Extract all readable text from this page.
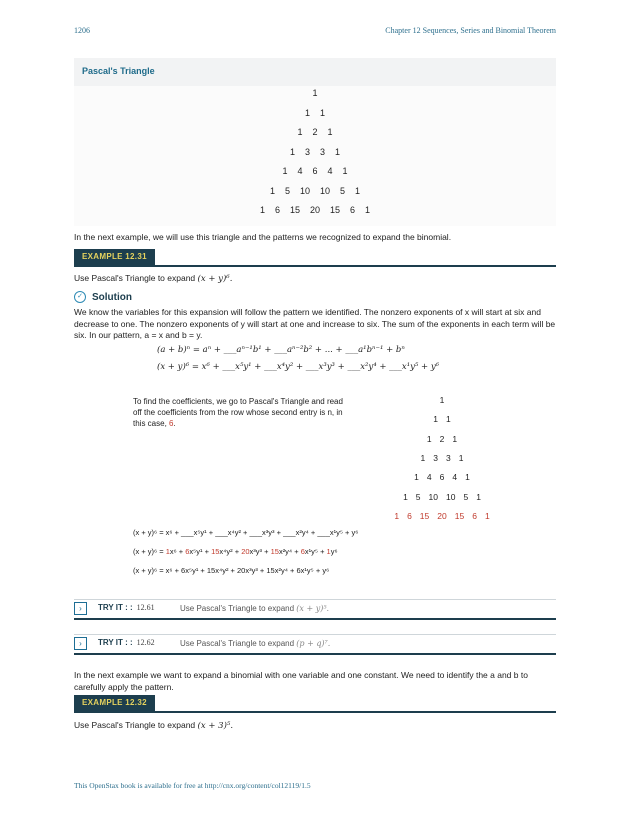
1206	Chapter 12 Sequences, Series and Binomial Theorem
Pascal's Triangle
1
1 1
1 2 1
1 3 3 1
1 4 6 4 1
1 5 10 10 5 1
1 6 15 20 15 6 1
In the next example, we will use this triangle and the patterns we recognized to expand the binomial.
EXAMPLE 12.31
Use Pascal's Triangle to expand (x + y)⁶.
✓ Solution
We know the variables for this expansion will follow the pattern we identified. The nonzero exponents of x will start at six and decrease to one. The nonzero exponents of y will start at one and increase to six. The sum of the exponents in each term will be six. In our pattern, a = x and b = y.
(a + b)ⁿ = aⁿ + ___aⁿ⁻¹b¹ + ___aⁿ⁻²b² + ... + ___a¹bⁿ⁻¹ + bⁿ
(x + y)⁶ = x⁶ + ___x⁵y¹ + ___x⁴y² + ___x³y³ + ___x²y⁴ + ___x¹y⁵ + y⁶
To find the coefficients, we go to Pascal's Triangle and read off the coefficients from the row whose second entry is n, in this case, 6.
1
1 1
1 2 1
1 3 3 1
1 4 6 4 1
1 5 10 10 5 1
1 6 15 20 15 6 1
(x + y)⁶ = x⁶ + ___x⁵y¹ + ___x⁴y² + ___x³y³ + ___x²y⁴ + ___x¹y⁵ + y⁶
(x + y)⁶ = 1x⁶ + 6x⁵y¹ + 15x⁴y² + 20x³y³ + 15x²y⁴ + 6x¹y⁵ + 1y⁶
(x + y)⁶ = x⁶ + 6x⁵y¹ + 15x⁴y² + 20x³y³ + 15x²y⁴ + 6x¹y⁵ + y⁶
›	TRY IT : : 12.61	Use Pascal's Triangle to expand (x + y)⁵.
›	TRY IT : : 12.62	Use Pascal's Triangle to expand (p + q)⁷.
In the next example we want to expand a binomial with one variable and one constant. We need to identify the a and b to carefully apply the pattern.
EXAMPLE 12.32
Use Pascal's Triangle to expand (x + 3)⁵.
This OpenStax book is available for free at http://cnx.org/content/col12119/1.5
